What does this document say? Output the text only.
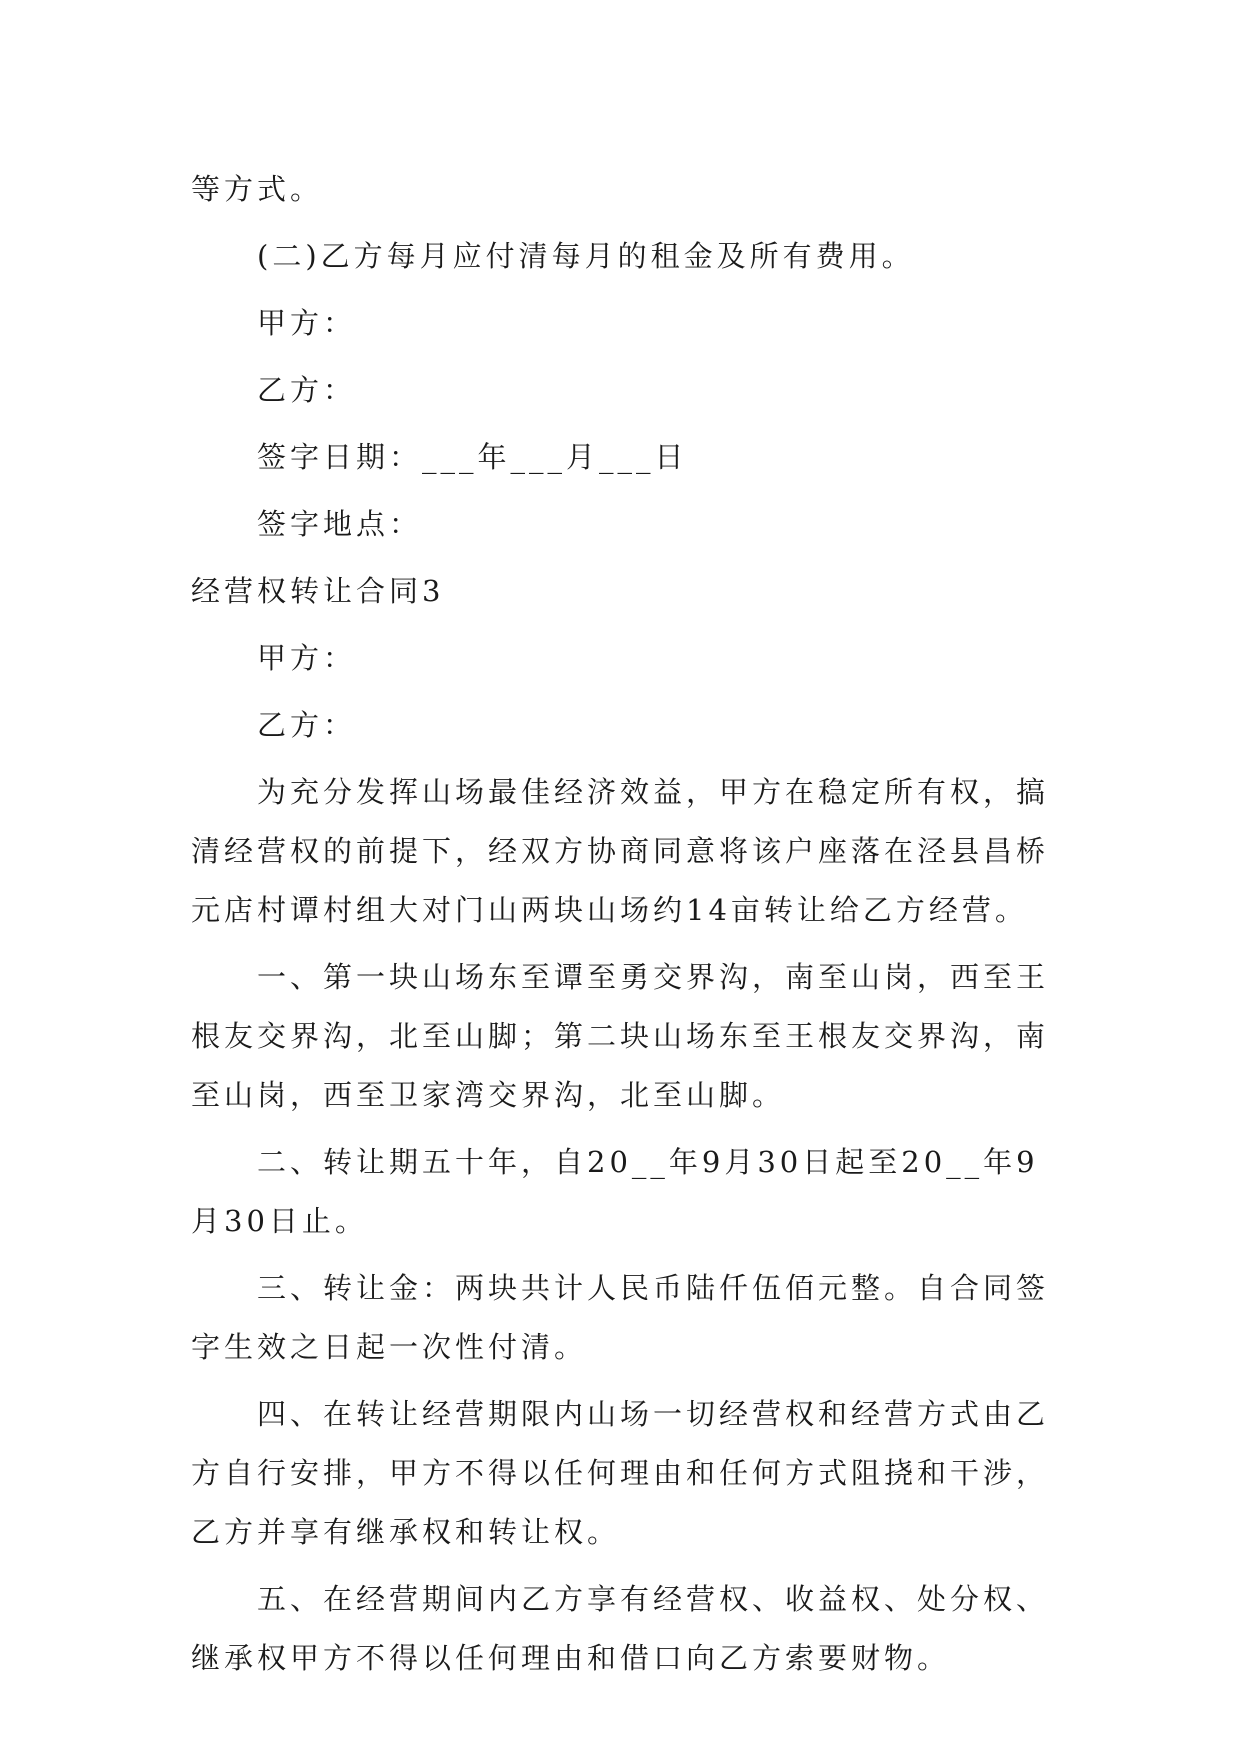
等方式。
(二)乙方每月应付清每月的租金及所有费用。
甲方：
乙方：
签字日期：___年___月___日
签字地点：
经营权转让合同3
甲方：
乙方：
为充分发挥山场最佳经济效益，甲方在稳定所有权，搞
清经营权的前提下，经双方协商同意将该户座落在泾县昌桥
元店村谭村组大对门山两块山场约14亩转让给乙方经营。
一、第一块山场东至谭至勇交界沟，南至山岗，西至王
根友交界沟，北至山脚；第二块山场东至王根友交界沟，南
至山岗，西至卫家湾交界沟，北至山脚。
二、转让期五十年，自20__年9月30日起至20__年9
月30日止。
三、转让金：两块共计人民币陆仟伍佰元整。自合同签
字生效之日起一次性付清。
四、在转让经营期限内山场一切经营权和经营方式由乙
方自行安排，甲方不得以任何理由和任何方式阻挠和干涉，
乙方并享有继承权和转让权。
五、在经营期间内乙方享有经营权、收益权、处分权、
继承权甲方不得以任何理由和借口向乙方索要财物。
